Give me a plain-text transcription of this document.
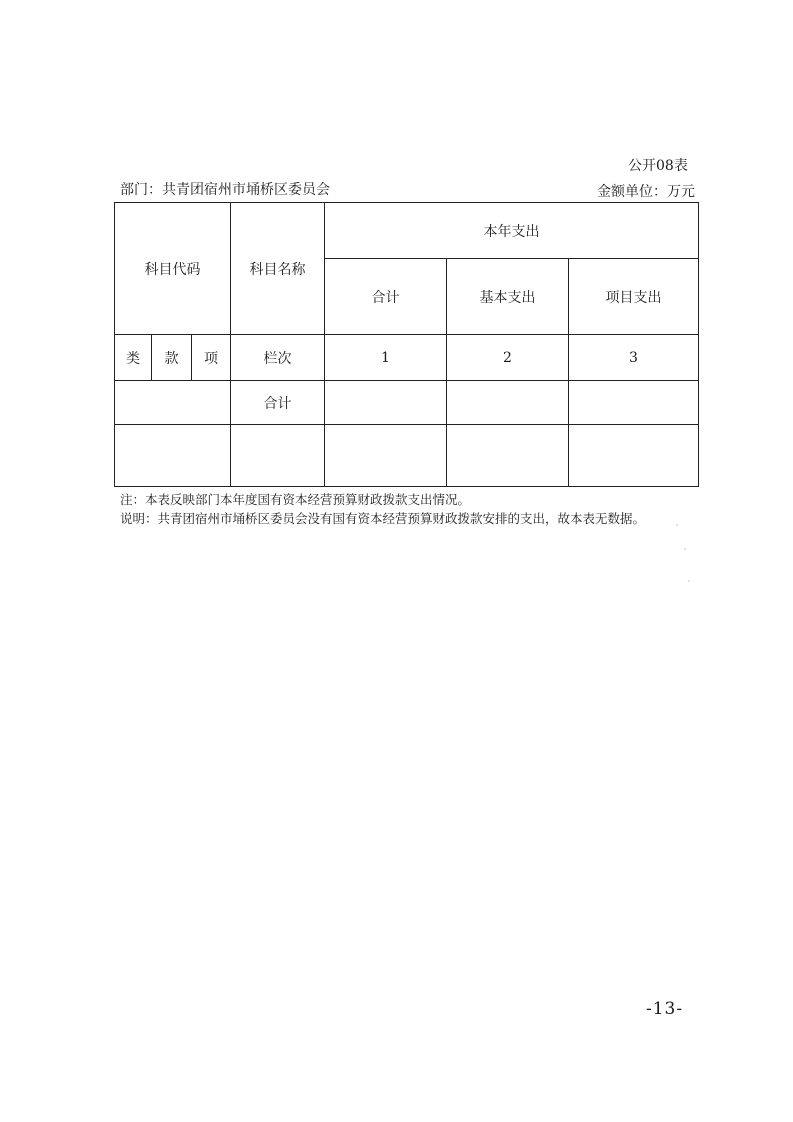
公开08表
部门：共青团宿州市埇桥区委员会	金额单位：万元
科目代码			科目名称	本年支出		
				合计	基本支出	项目支出
类	款	项	栏次	1	2	3
			合计			

注：本表反映部门本年度国有资本经营预算财政拨款支出情况。
说明：共青团宿州市埇桥区委员会没有国有资本经营预算财政拨款安排的支出，故本表无数据。
-13-
